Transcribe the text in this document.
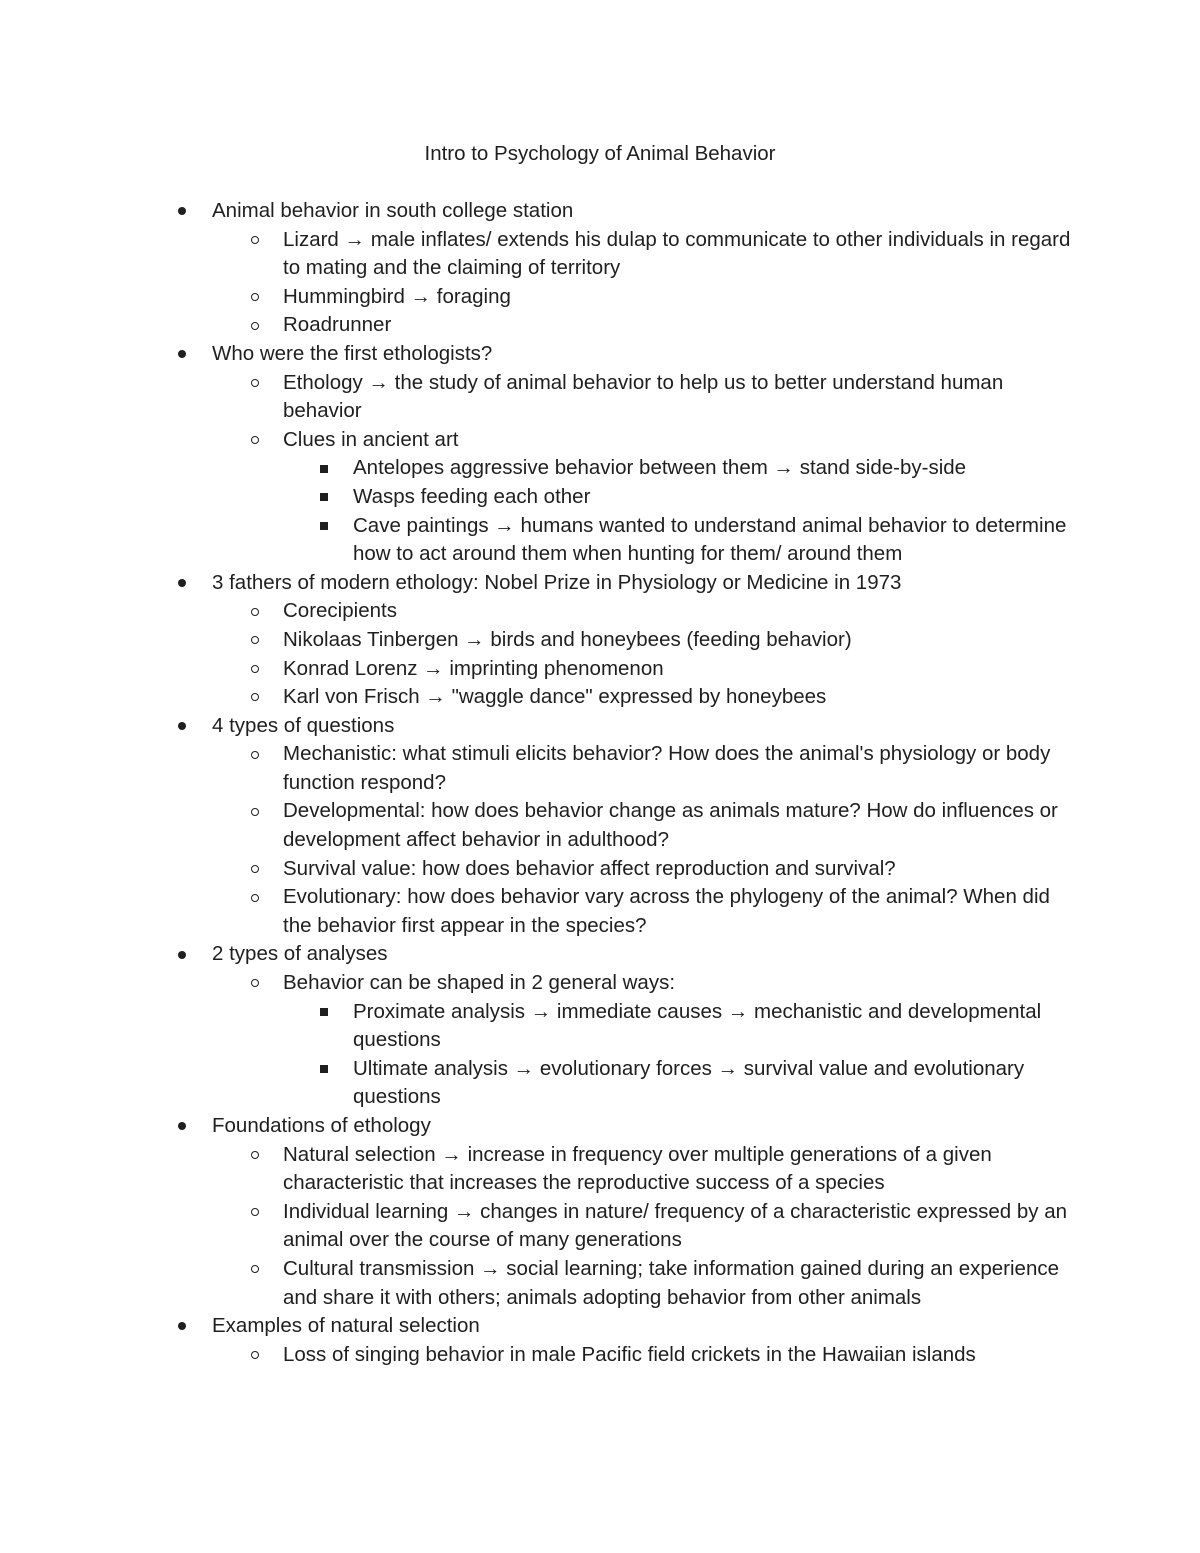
Intro to Psychology of Animal Behavior
Animal behavior in south college station
Lizard → male inflates/ extends his dulap to communicate to other individuals in regard to mating and the claiming of territory
Hummingbird → foraging
Roadrunner
Who were the first ethologists?
Ethology → the study of animal behavior to help us to better understand human behavior
Clues in ancient art
Antelopes aggressive behavior between them → stand side-by-side
Wasps feeding each other
Cave paintings → humans wanted to understand animal behavior to determine how to act around them when hunting for them/ around them
3 fathers of modern ethology: Nobel Prize in Physiology or Medicine in 1973
Corecipients
Nikolaas Tinbergen → birds and honeybees (feeding behavior)
Konrad Lorenz → imprinting phenomenon
Karl von Frisch → "waggle dance" expressed by honeybees
4 types of questions
Mechanistic: what stimuli elicits behavior? How does the animal's physiology or body function respond?
Developmental: how does behavior change as animals mature? How do influences or development affect behavior in adulthood?
Survival value: how does behavior affect reproduction and survival?
Evolutionary: how does behavior vary across the phylogeny of the animal? When did the behavior first appear in the species?
2 types of analyses
Behavior can be shaped in 2 general ways:
Proximate analysis → immediate causes → mechanistic and developmental questions
Ultimate analysis → evolutionary forces → survival value and evolutionary questions
Foundations of ethology
Natural selection → increase in frequency over multiple generations of a given characteristic that increases the reproductive success of a species
Individual learning → changes in nature/ frequency of a characteristic expressed by an animal over the course of many generations
Cultural transmission → social learning; take information gained during an experience and share it with others; animals adopting behavior from other animals
Examples of natural selection
Loss of singing behavior in male Pacific field crickets in the Hawaiian islands
